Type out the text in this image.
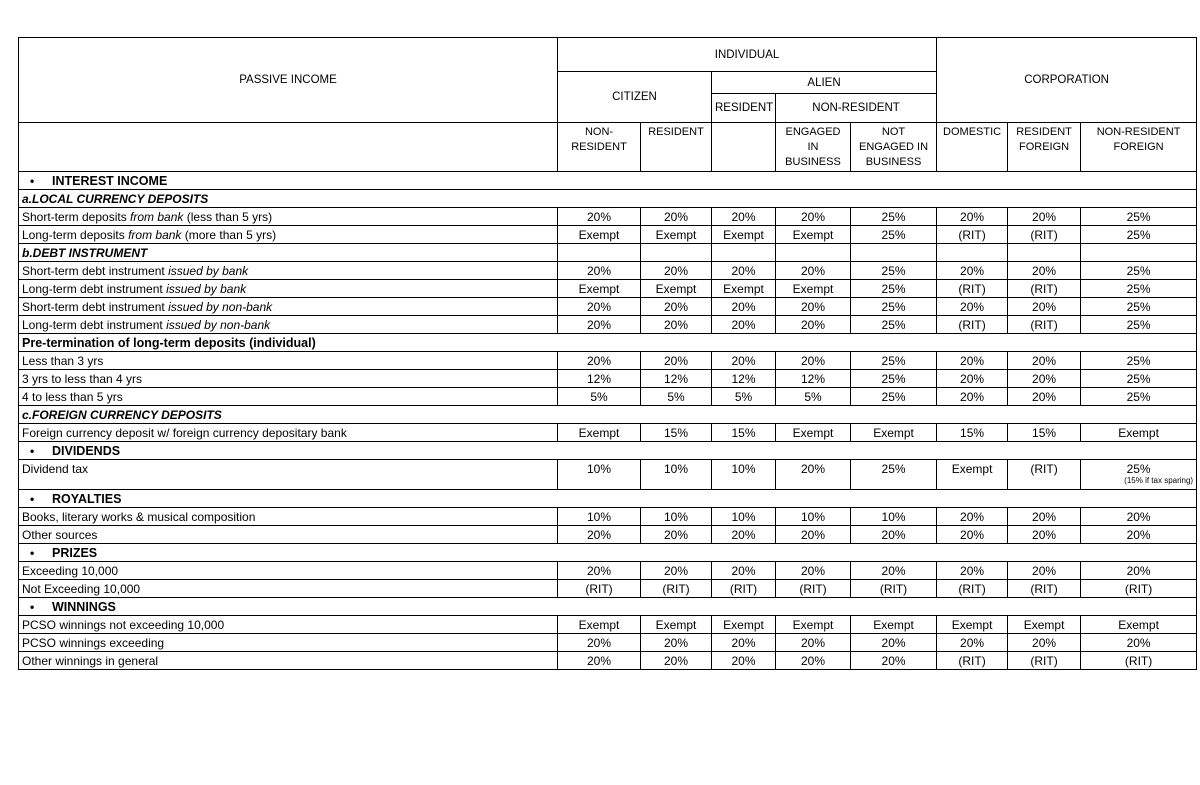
PASSIVE INCOME	INDIVIDUAL					CORPORATION		
	CITIZEN		ALIEN					
			RESIDENT	NON-RESIDENT				
	NON-RESIDENT	RESIDENT		ENGAGED IN BUSINESS	NOT ENGAGED IN BUSINESS	DOMESTIC	RESIDENT FOREIGN	NON-RESIDENT FOREIGN
• INTEREST INCOME								
a.LOCAL CURRENCY DEPOSITS								
Short-term deposits from bank (less than 5 yrs)	20%	20%	20%	20%	25%	20%	20%	25%
Long-term deposits from bank (more than 5 yrs)	Exempt	Exempt	Exempt	Exempt	25%	(RIT)	(RIT)	25%
b.DEBT INSTRUMENT								
Short-term debt instrument issued by bank	20%	20%	20%	20%	25%	20%	20%	25%
Long-term debt instrument issued by bank	Exempt	Exempt	Exempt	Exempt	25%	(RIT)	(RIT)	25%
Short-term debt instrument issued by non-bank	20%	20%	20%	20%	25%	20%	20%	25%
Long-term debt instrument issued by non-bank	20%	20%	20%	20%	25%	(RIT)	(RIT)	25%
Pre-termination of long-term deposits (individual)								
Less than 3 yrs	20%	20%	20%	20%	25%	20%	20%	25%
3 yrs to less than 4 yrs	12%	12%	12%	12%	25%	20%	20%	25%
4 to less than 5 yrs	5%	5%	5%	5%	25%	20%	20%	25%
c.FOREIGN CURRENCY DEPOSITS								
Foreign currency deposit w/ foreign currency depositary bank	Exempt	15%	15%	Exempt	Exempt	15%	15%	Exempt
• DIVIDENDS								
Dividend tax	10%	10%	10%	20%	25%	Exempt	(RIT)	25%
(15% if tax sparing)

• ROYALTIES								
Books, literary works & musical composition	10%	10%	10%	10%	10%	20%	20%	20%
Other sources	20%	20%	20%	20%	20%	20%	20%	20%
• PRIZES								
Exceeding 10,000	20%	20%	20%	20%	20%	20%	20%	20%
Not Exceeding 10,000	(RIT)	(RIT)	(RIT)	(RIT)	(RIT)	(RIT)	(RIT)	(RIT)
• WINNINGS								
PCSO winnings not exceeding 10,000	Exempt	Exempt	Exempt	Exempt	Exempt	Exempt	Exempt	Exempt
PCSO winnings exceeding	20%	20%	20%	20%	20%	20%	20%	20%
Other winnings in general	20%	20%	20%	20%	20%	(RIT)	(RIT)	(RIT)
